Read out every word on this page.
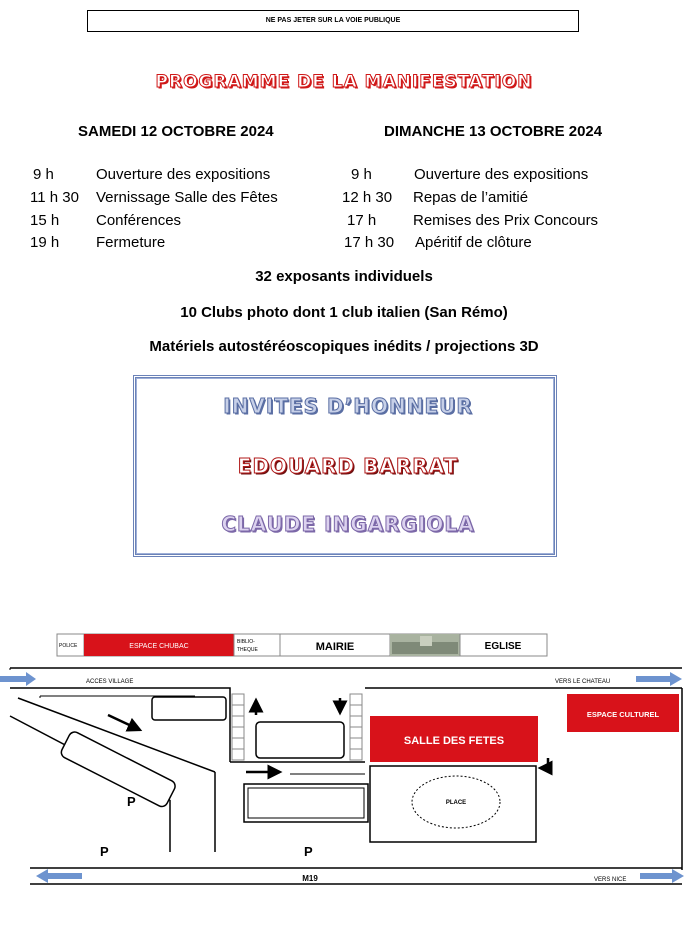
NE PAS JETER SUR LA VOIE PUBLIQUE
PROGRAMME DE LA MANIFESTATION
SAMEDI 12 OCTOBRE 2024
9 h	Ouverture des expositions
11 h 30 Vernissage Salle des Fêtes
15 h Conférences
19 h Fermeture
DIMANCHE 13 OCTOBRE 2024
9 h	Ouverture des expositions
12 h 30 Repas de l’amitié
17 h Remises des Prix Concours
17 h 30 Apéritif de clôture
32 exposants individuels
10 Clubs photo dont 1 club italien (San Rémo)
Matériels autostéréoscopiques inédits / projections 3D
INVITES D’HONNEUR
EDOUARD BARRAT
CLAUDE INGARGIOLA
POLICE	ESPACE CHUBAC
BIBLIO-
THEQUE	MAIRIE	EGLISE
ACCES VILLAGE	VERS LE CHATEAU
SALLE DES FETES
PLACE
ESPACE CULTUREL
P
P	P
M19	VERS NICE
